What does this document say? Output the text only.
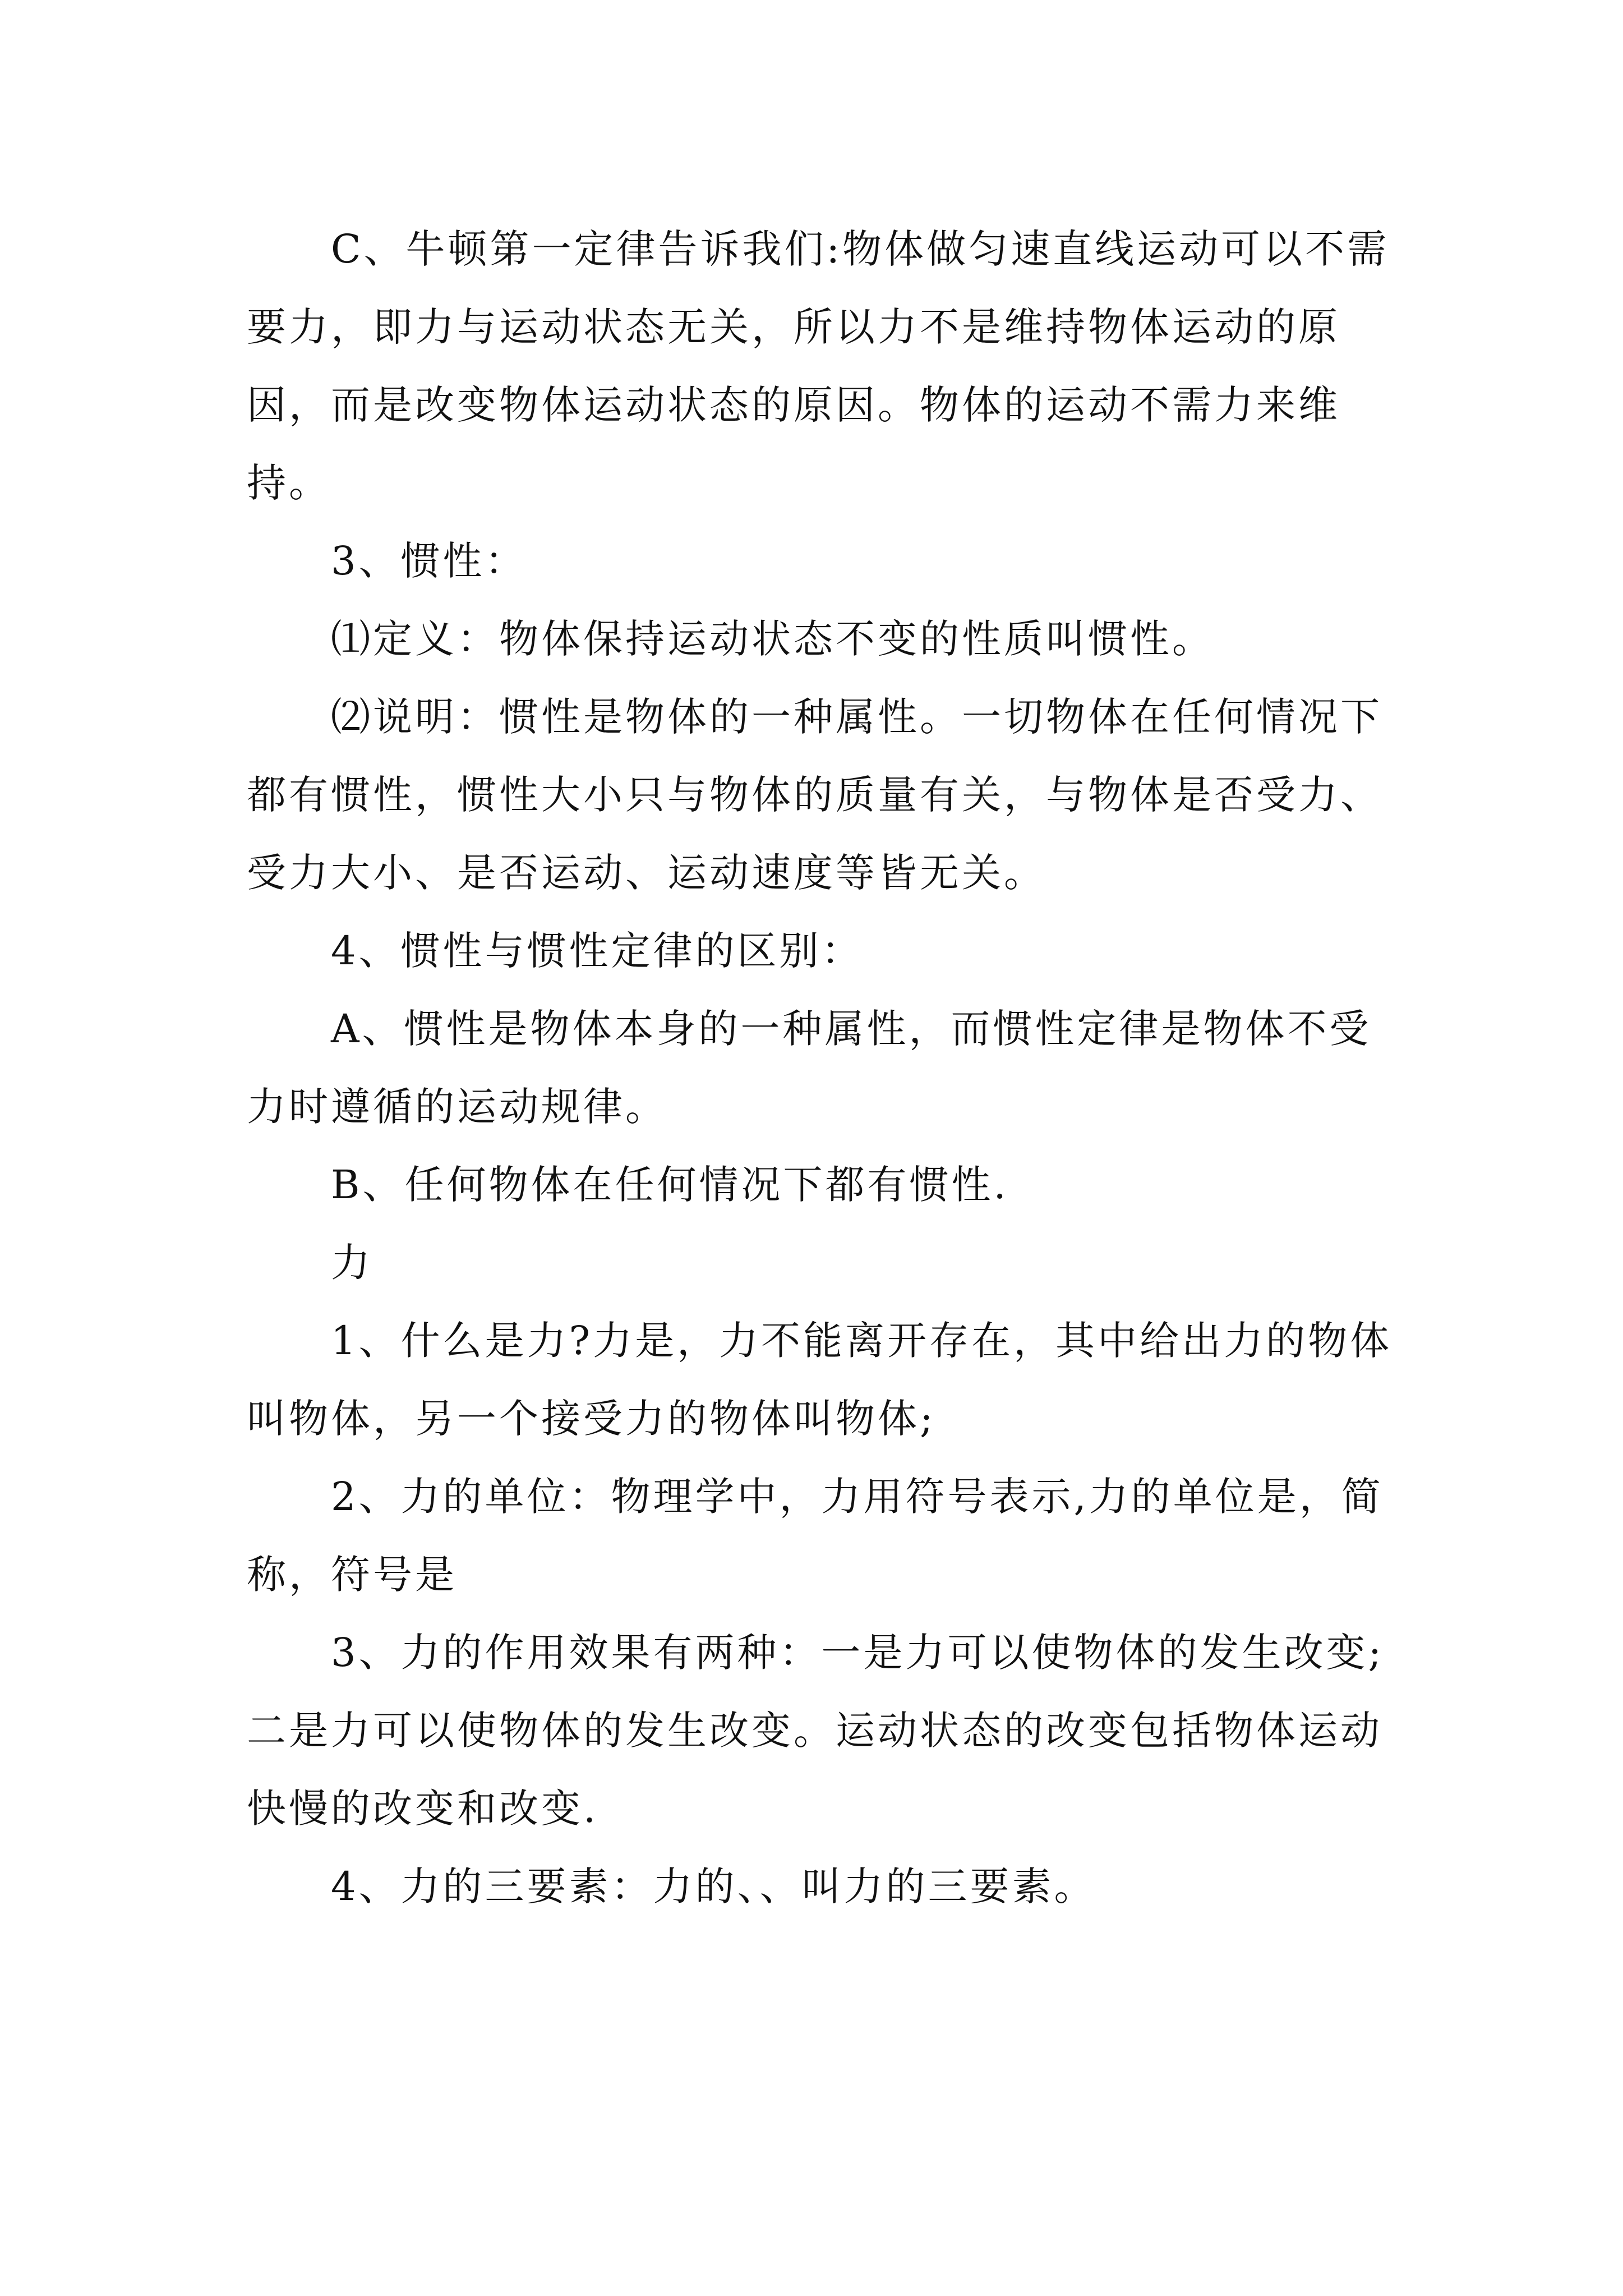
C、牛顿第一定律告诉我们:物体做匀速直线运动可以不需要力，即力与运动状态无关，所以力不是维持物体运动的原因，而是改变物体运动状态的原因。物体的运动不需力来维持。

3、惯性：

⑴定义：物体保持运动状态不变的性质叫惯性。

⑵说明：惯性是物体的一种属性。一切物体在任何情况下都有惯性，惯性大小只与物体的质量有关，与物体是否受力、受力大小、是否运动、运动速度等皆无关。

4、惯性与惯性定律的区别：

A、惯性是物体本身的一种属性，而惯性定律是物体不受力时遵循的运动规律。

B、任何物体在任何情况下都有惯性.

力

1、什么是力?力是，力不能离开存在，其中给出力的物体叫物体，另一个接受力的物体叫物体;

2、力的单位：物理学中，力用符号表示,力的单位是，简称，符号是

3、力的作用效果有两种：一是力可以使物体的发生改变;二是力可以使物体的发生改变。运动状态的改变包括物体运动快慢的改变和改变.

4、力的三要素：力的、、叫力的三要素。
